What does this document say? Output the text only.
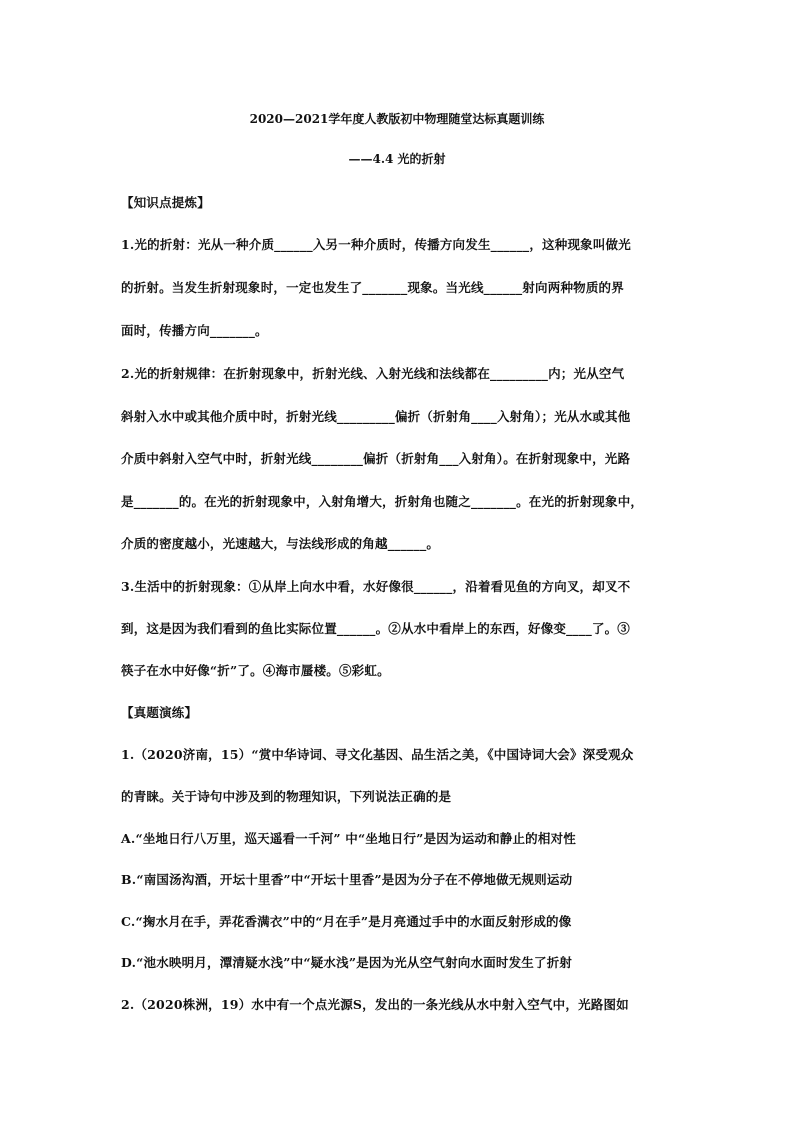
2020—2021学年度人教版初中物理随堂达标真题训练
——4.4 光的折射
【知识点提炼】
1.光的折射：光从一种介质______入另一种介质时，传播方向发生______，这种现象叫做光
的折射。当发生折射现象时，一定也发生了_______现象。当光线______射向两种物质的界
面时，传播方向_______。
2.光的折射规律：在折射现象中，折射光线、入射光线和法线都在_________内；光从空气
斜射入水中或其他介质中时，折射光线_________偏折（折射角____入射角）；光从水或其他
介质中斜射入空气中时，折射光线________偏折（折射角___入射角）。在折射现象中，光路
是_______的。在光的折射现象中，入射角增大，折射角也随之_______。在光的折射现象中，
介质的密度越小，光速越大，与法线形成的角越______。
3.生活中的折射现象：①从岸上向水中看，水好像很______，沿着看见鱼的方向叉，却叉不
到，这是因为我们看到的鱼比实际位置______。②从水中看岸上的东西，好像变____了。③
筷子在水中好像“折”了。④海市蜃楼。⑤彩虹。
【真题演练】
1.（2020济南，15）“赏中华诗词、寻文化基因、品生活之美，《中国诗词大会》深受观众
的青睐。关于诗句中涉及到的物理知识，下列说法正确的是
A.“坐地日行八万里，巡天遥看一千河” 中“坐地日行”是因为运动和静止的相对性
B.“南国汤沟酒，开坛十里香”中“开坛十里香”是因为分子在不停地做无规则运动
C.“掬水月在手，弄花香满衣”中的“月在手”是月亮通过手中的水面反射形成的像
D.“池水映明月，潭清疑水浅”中“疑水浅”是因为光从空气射向水面时发生了折射
2.（2020株洲，19）水中有一个点光源S，发出的一条光线从水中射入空气中，光路图如
